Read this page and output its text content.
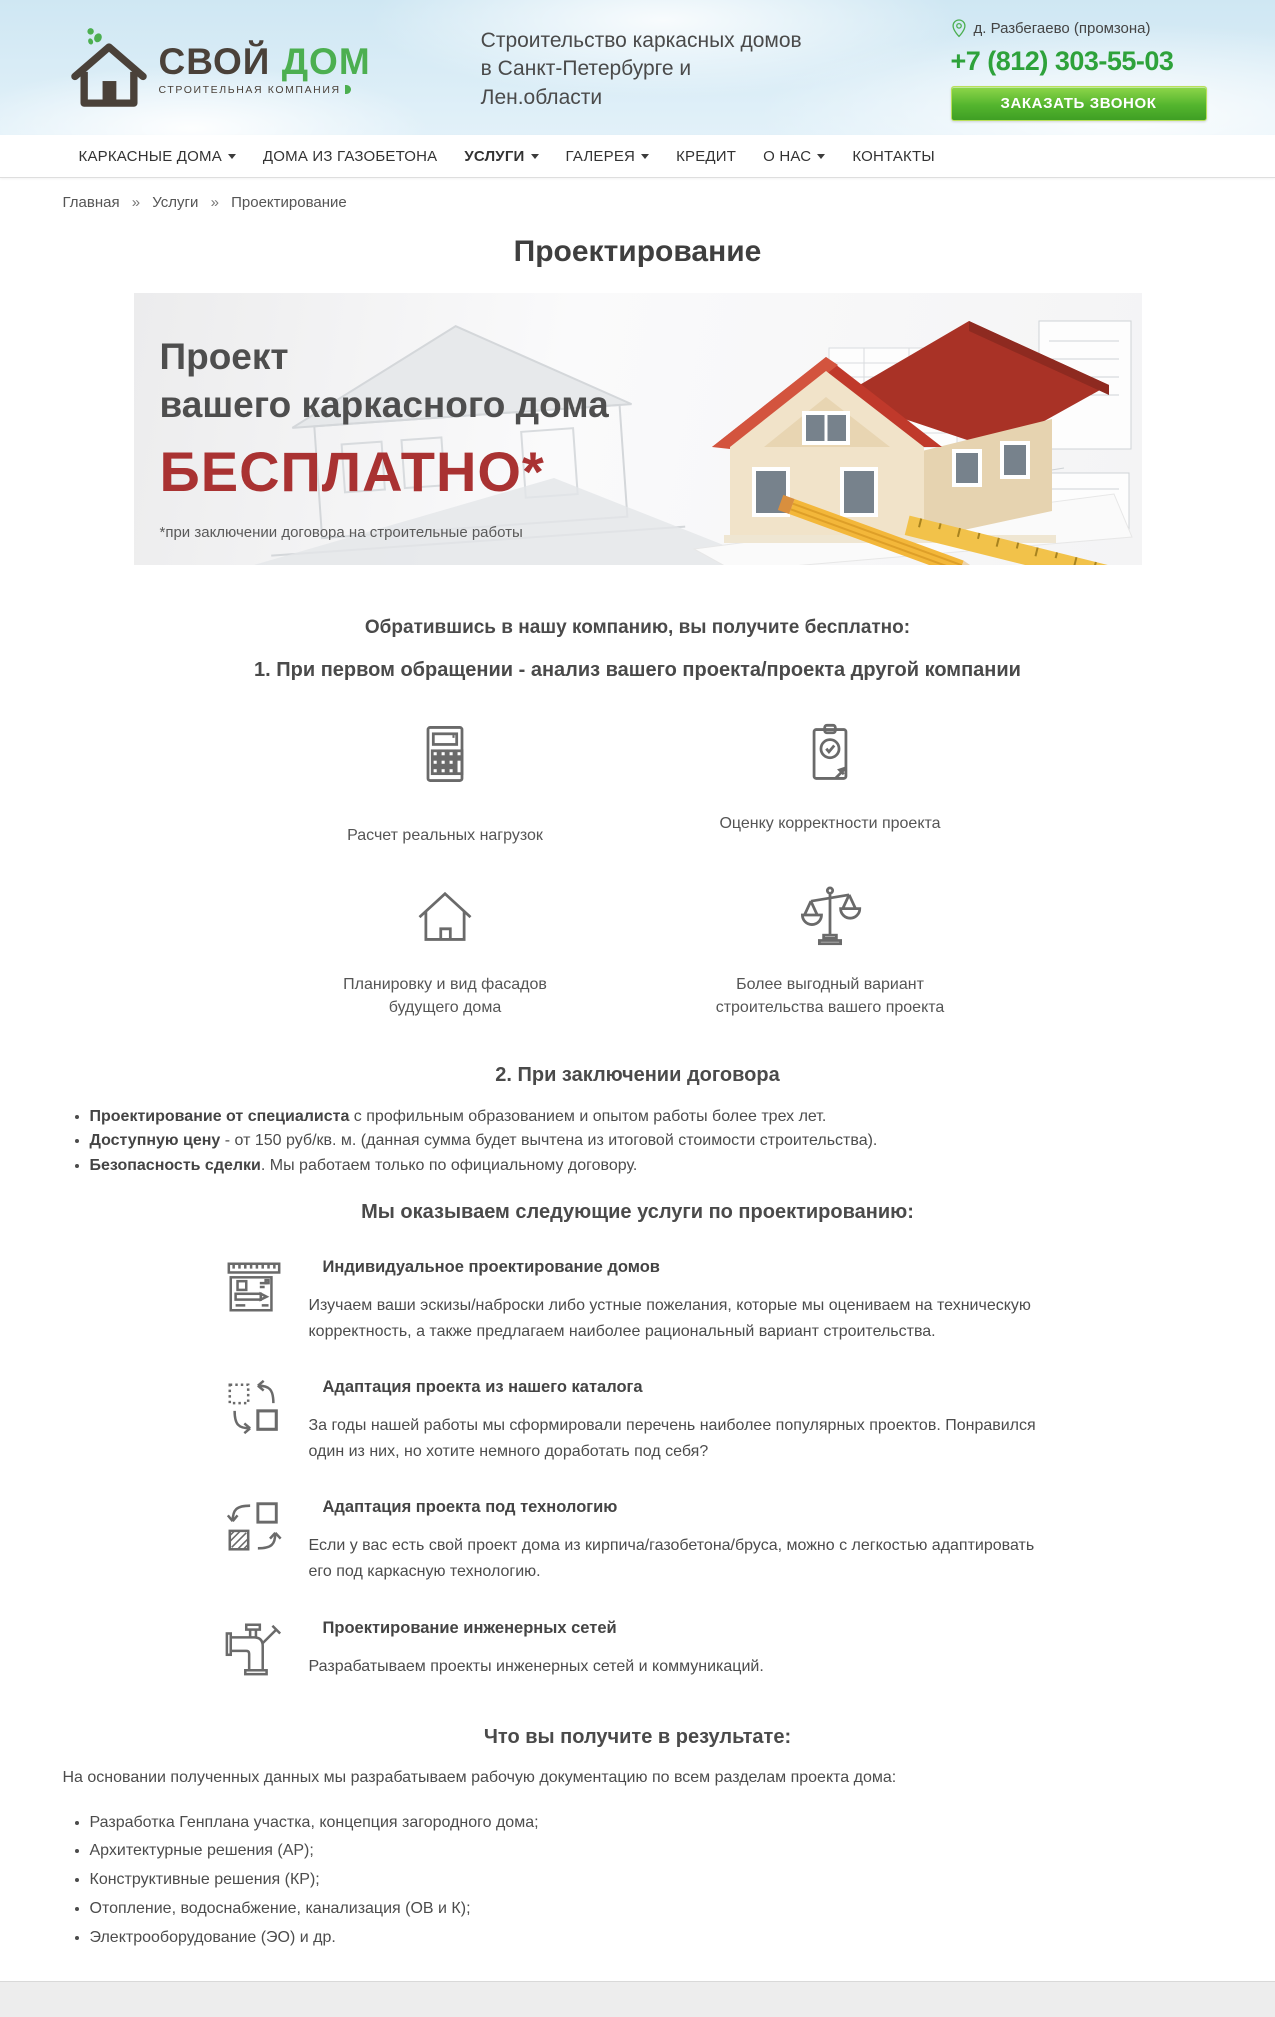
СВОЙ ДОМ
СТРОИТЕЛЬНАЯ КОМПАНИЯ
Строительство каркасных домов
в Санкт-Петербурге и
Лен.области
д. Разбегаево (промзона)
+7 (812) 303-55-03
ЗАКАЗАТЬ ЗВОНОК
КАРКАСНЫЕ ДОМА	ДОМА ИЗ ГАЗОБЕТОНА УСЛУГИ	ГАЛЕРЕЯ	КРЕДИТ О НАС	КОНТАКТЫ
Главная » Услуги » Проектирование
Проектирование
Проект
вашего каркасного дома
БЕСПЛАТНО*
*при заключении договора на строительные работы
Обратившись в нашу компанию, вы получите бесплатно:
1. При первом обращении - анализ вашего проекта/проекта другой компании
Расчет реальных нагрузок
Оценку корректности проекта
Планировку и вид фасадов будущего дома
Более выгодный вариант строительства вашего проекта
2. При заключении договора
• Проектирование от специалиста с профильным образованием и опытом работы более трех лет.
• Доступную цену - от 150 руб/кв. м. (данная сумма будет вычтена из итоговой стоимости строительства).
• Безопасность сделки. Мы работаем только по официальному договору.
Мы оказываем следующие услуги по проектированию:
Индивидуальное проектирование домов
Изучаем ваши эскизы/наброски либо устные пожелания, которые мы оцениваем на техническую корректность, а также предлагаем наиболее рациональный вариант строительства.
Адаптация проекта из нашего каталога
За годы нашей работы мы сформировали перечень наиболее популярных проектов. Понравился один из них, но хотите немного доработать под себя?
Адаптация проекта под технологию
Если у вас есть свой проект дома из кирпича/газобетона/бруса, можно с легкостью адаптировать его под каркасную технологию.
Проектирование инженерных сетей
Разрабатываем проекты инженерных сетей и коммуникаций.
Что вы получите в результате:
На основании полученных данных мы разрабатываем рабочую документацию по всем разделам проекта дома:
• Разработка Генплана участка, концепция загородного дома;
• Архитектурные решения (АР);
• Конструктивные решения (КР);
• Отопление, водоснабжение, канализация (ОВ и К);
• Электрооборудование (ЭО) и др.
